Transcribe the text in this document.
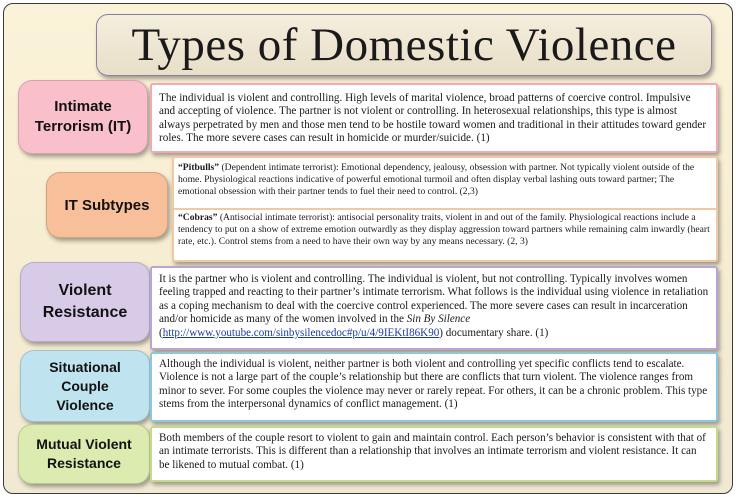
Types of Domestic Violence
Intimate
Terrorism (IT)

The individual is violent and controlling. High levels of marital violence, broad patterns of coercive control. Impulsive and accepting of violence. The partner is not violent or controlling. In heterosexual relationships, this type is almost always perpetrated by men and those men tend to be hostile toward women and traditional in their attitudes toward gender roles. The more severe cases can result in homicide or murder/suicide. (1)

IT Subtypes
“Pitbulls” (Dependent intimate terrorist): Emotional dependency, jealousy, obsession with partner. Not typically violent outside of the home. Physiological reactions indicative of powerful emotional turmoil and often display verbal lashing outs toward partner; The emotional obsession with their partner tends to fuel their need to control. (2,3)
“Cobras” (Antisocial intimate terrorist): antisocial personality traits, violent in and out of the family. Physiological reactions include a tendency to put on a show of extreme emotion outwardly as they display aggression toward partners while remaining calm inwardly (heart rate, etc.). Control stems from a need to have their own way by any means necessary. (2, 3)
Violent
Resistance

It is the partner who is violent and controlling. The individual is violent, but not controlling. Typically involves women feeling trapped and reacting to their partner’s intimate terrorism. What follows is the individual using violence in retaliation as a coping mechanism to deal with the coercive control experienced. The more severe cases can result in incarceration and/or homicide as many of the women involved in the Sin By Silence (http://www.youtube.com/sinbysilencedoc#p/u/4/9IEKtI86K90) documentary share. (1)

Situational
Couple
Violence

Although the individual is violent, neither partner is both violent and controlling yet specific conflicts tend to escalate. Violence is not a large part of the couple’s relationship but there are conflicts that turn violent. The violence ranges from minor to sever. For some couples the violence may never or rarely repeat. For others, it can be a chronic problem. This type stems from the interpersonal dynamics of conflict management. (1)

Mutual Violent
Resistance

Both members of the couple resort to violent to gain and maintain control. Each person’s behavior is consistent with that of an intimate terrorists. This is different than a relationship that involves an intimate terrorism and violent resistance. It can be likened to mutual combat. (1)
